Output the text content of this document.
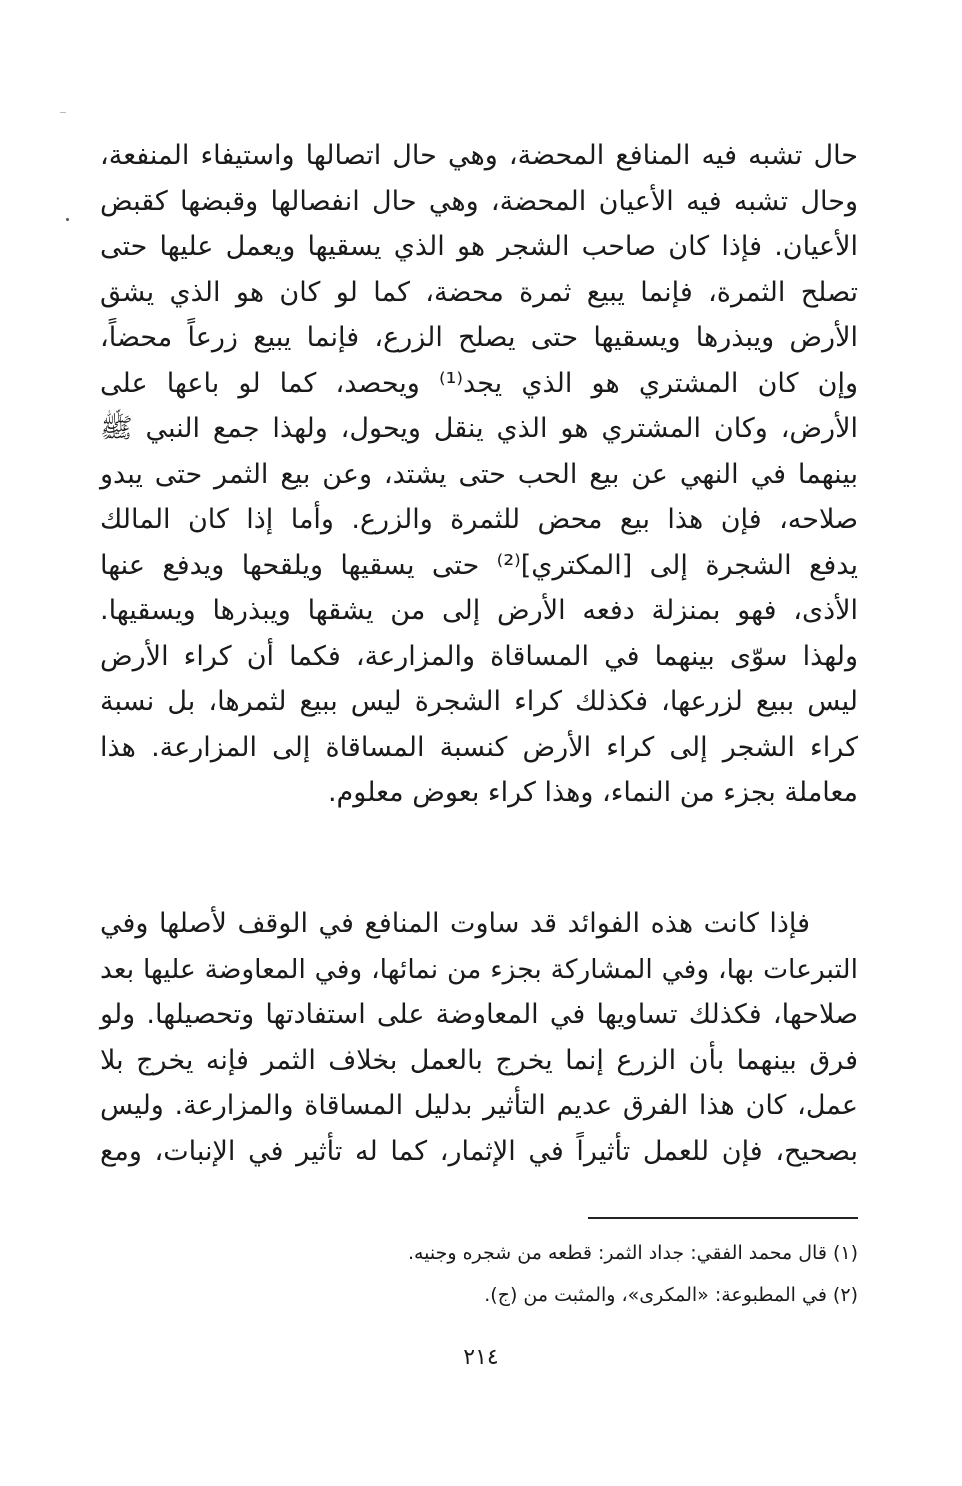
حال تشبه فيه المنافع المحضة، وهي حال اتصالها واستيفاء المنفعة،
وحال تشبه فيه الأعيان المحضة، وهي حال انفصالها وقبضها كقبض
الأعيان. فإذا كان صاحب الشجر هو الذي يسقيها ويعمل عليها حتى
تصلح الثمرة، فإنما يبيع ثمرة محضة، كما لو كان هو الذي يشق
الأرض ويبذرها ويسقيها حتى يصلح الزرع، فإنما يبيع زرعاً محضاً،
وإن كان المشتري هو الذي يجد⁽¹⁾ ويحصد، كما لو باعها على
الأرض، وكان المشتري هو الذي ينقل ويحول، ولهذا جمع النبي ﷺ
بينهما في النهي عن بيع الحب حتى يشتد، وعن بيع الثمر حتى يبدو
صلاحه، فإن هذا بيع محض للثمرة والزرع. وأما إذا كان المالك
يدفع الشجرة إلى [المكتري]⁽²⁾ حتى يسقيها ويلقحها ويدفع عنها
الأذى، فهو بمنزلة دفعه الأرض إلى من يشقها ويبذرها ويسقيها.
ولهذا سوّى بينهما في المساقاة والمزارعة، فكما أن كراء الأرض
ليس ببيع لزرعها، فكذلك كراء الشجرة ليس ببيع لثمرها، بل نسبة
كراء الشجر إلى كراء الأرض كنسبة المساقاة إلى المزارعة. هذا
معاملة بجزء من النماء، وهذا كراء بعوض معلوم.
فإذا كانت هذه الفوائد قد ساوت المنافع في الوقف لأصلها وفي
التبرعات بها، وفي المشاركة بجزء من نمائها، وفي المعاوضة عليها بعد
صلاحها، فكذلك تساويها في المعاوضة على استفادتها وتحصيلها. ولو
فرق بينهما بأن الزرع إنما يخرج بالعمل بخلاف الثمر فإنه يخرج بلا
عمل، كان هذا الفرق عديم التأثير بدليل المساقاة والمزارعة. وليس
بصحيح، فإن للعمل تأثيراً في الإثمار، كما له تأثير في الإنبات، ومع
(١) قال محمد الفقي: جداد الثمر: قطعه من شجره وجنيه.
(٢) في المطبوعة: «المكرى»، والمثبت من (ج).
٢١٤
